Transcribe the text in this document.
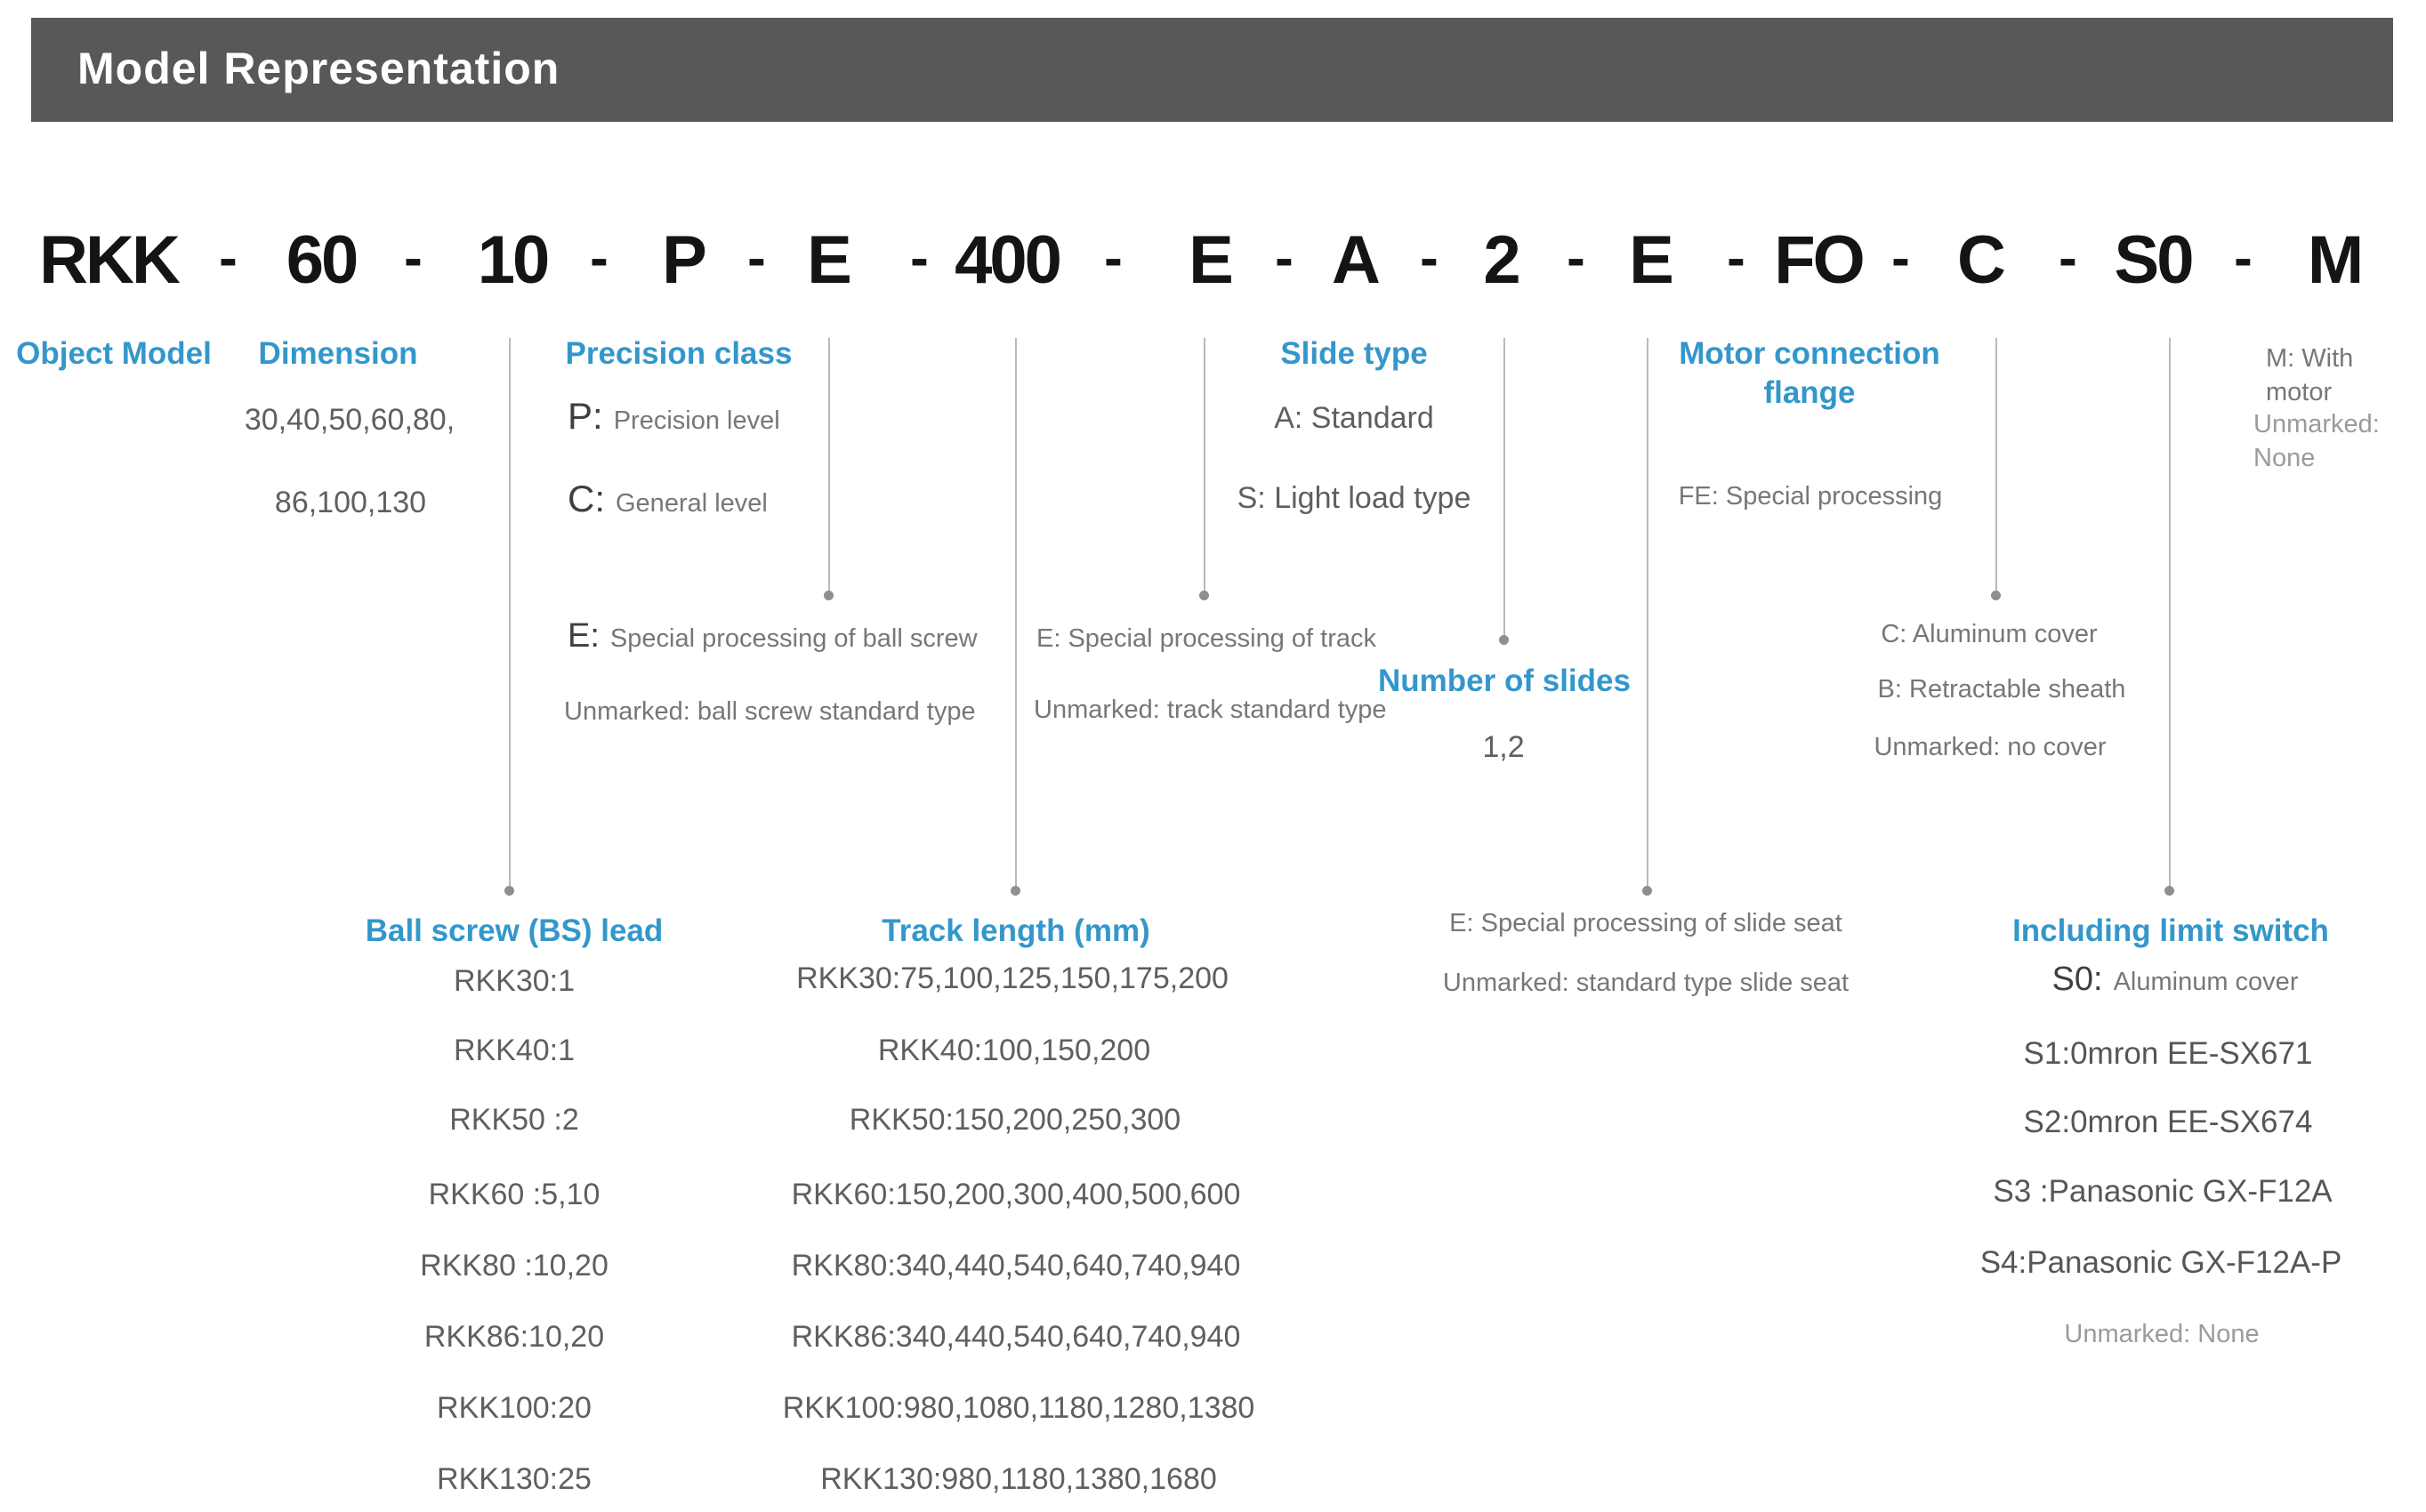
Model Representation
RKK - 60 - 10 - P - E - 400 - E - A - 2 - E - FO - C - S0 - M
Object Model Dimension	Precision class	Slide type	Motor connection flange
30,40,50,60,80,
86,100,130
P: Precision level
C: General level
E: Special processing of ball screw
Unmarked: ball screw standard type
E: Special processing of track
Unmarked: track standard type
A: Standard
S: Light load type
Number of slides
1,2
E: Special processing of slide seat
Unmarked: standard type slide seat
FE: Special processing
C: Aluminum cover
B: Retractable sheath
Unmarked: no cover
M: With motor
Unmarked: None
Ball screw (BS) lead
RKK30:1
RKK40:1
RKK50 :2
RKK60 :5,10
RKK80 :10,20
RKK86:10,20
RKK100:20
RKK130:25
Track length (mm)
RKK30:75,100,125,150,175,200
RKK40:100,150,200
RKK50:150,200,250,300
RKK60:150,200,300,400,500,600
RKK80:340,440,540,640,740,940
RKK86:340,440,540,640,740,940
RKK100:980,1080,1180,1280,1380
RKK130:980,1180,1380,1680
Including limit switch
S0: Aluminum cover
S1:0mron EE-SX671
S2:0mron EE-SX674
S3 :Panasonic GX-F12A
S4:Panasonic GX-F12A-P
Unmarked: None
